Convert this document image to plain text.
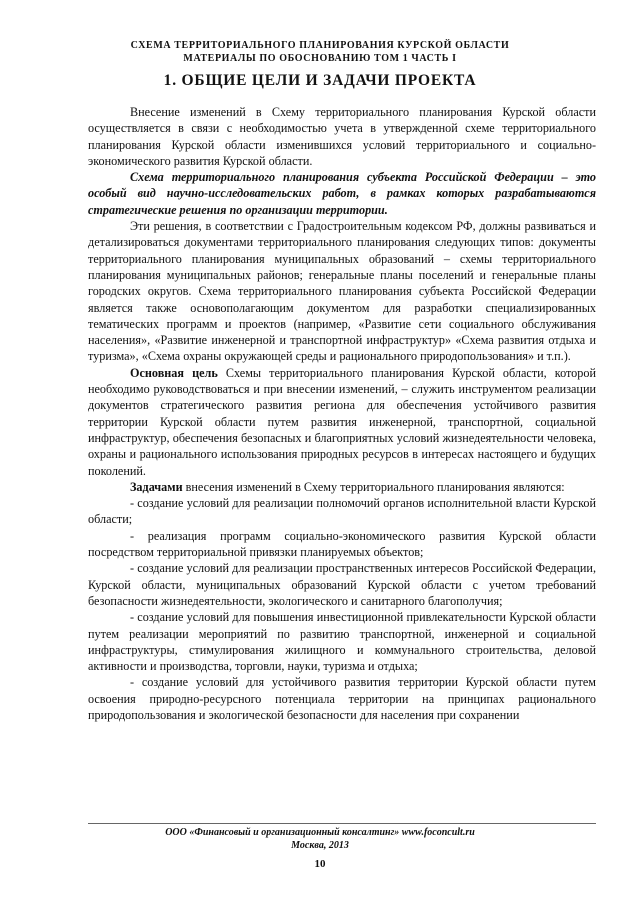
СХЕМА ТЕРРИТОРИАЛЬНОГО ПЛАНИРОВАНИЯ КУРСКОЙ ОБЛАСТИ
МАТЕРИАЛЫ ПО ОБОСНОВАНИЮ ТОМ 1 ЧАСТЬ I
1. ОБЩИЕ ЦЕЛИ И ЗАДАЧИ ПРОЕКТА

Внесение изменений в Схему территориального планирования Курской области осуществляется в связи с необходимостью учета в утвержденной схеме территориального планирования Курской области изменившихся условий территориального и социально-экономического развития Курской области.

Схема территориального планирования субъекта Российской Федерации – это особый вид научно-исследовательских работ, в рамках которых разрабатываются стратегические решения по организации территории.

Эти решения, в соответствии с Градостроительным кодексом РФ, должны развиваться и детализироваться документами территориального планирования следующих типов: документы территориального планирования муниципальных образований – схемы территориального планирования муниципальных районов; генеральные планы поселений и генеральные планы городских округов. Схема территориального планирования субъекта Российской Федерации является также основополагающим документом для разработки специализированных тематических программ и проектов (например, «Развитие сети социального обслуживания населения», «Развитие инженерной и транспортной инфраструктур» «Схема развития отдыха и туризма», «Схема охраны окружающей среды и рационального природопользования» и т.п.).

Основная цель Схемы территориального планирования Курской области, которой необходимо руководствоваться и при внесении изменений, – служить инструментом реализации документов стратегического развития региона для обеспечения устойчивого развития территории Курской области путем развития инженерной, транспортной, социальной инфраструктур, обеспечения безопасных и благоприятных условий жизнедеятельности человека, охраны и рационального использования природных ресурсов в интересах настоящего и будущих поколений.

Задачами внесения изменений в Схему территориального планирования являются:

- создание условий для реализации полномочий органов исполнительной власти Курской области;

- реализация программ социально-экономического развития Курской области посредством территориальной привязки планируемых объектов;

- создание условий для реализации пространственных интересов Российской Федерации, Курской области, муниципальных образований Курской области с учетом требований безопасности жизнедеятельности, экологического и санитарного благополучия;

- создание условий для повышения инвестиционной привлекательности Курской области путем реализации мероприятий по развитию транспортной, инженерной и социальной инфраструктуры, стимулирования жилищного и коммунального строительства, деловой активности и производства, торговли, науки, туризма и отдыха;

- создание условий для устойчивого развития территории Курской области путем освоения природно-ресурсного потенциала территории на принципах рационального природопользования и экологической безопасности для населения при сохранении

ООО «Финансовый и организационный консалтинг» www.foconcult.ru
Москва, 2013
10
